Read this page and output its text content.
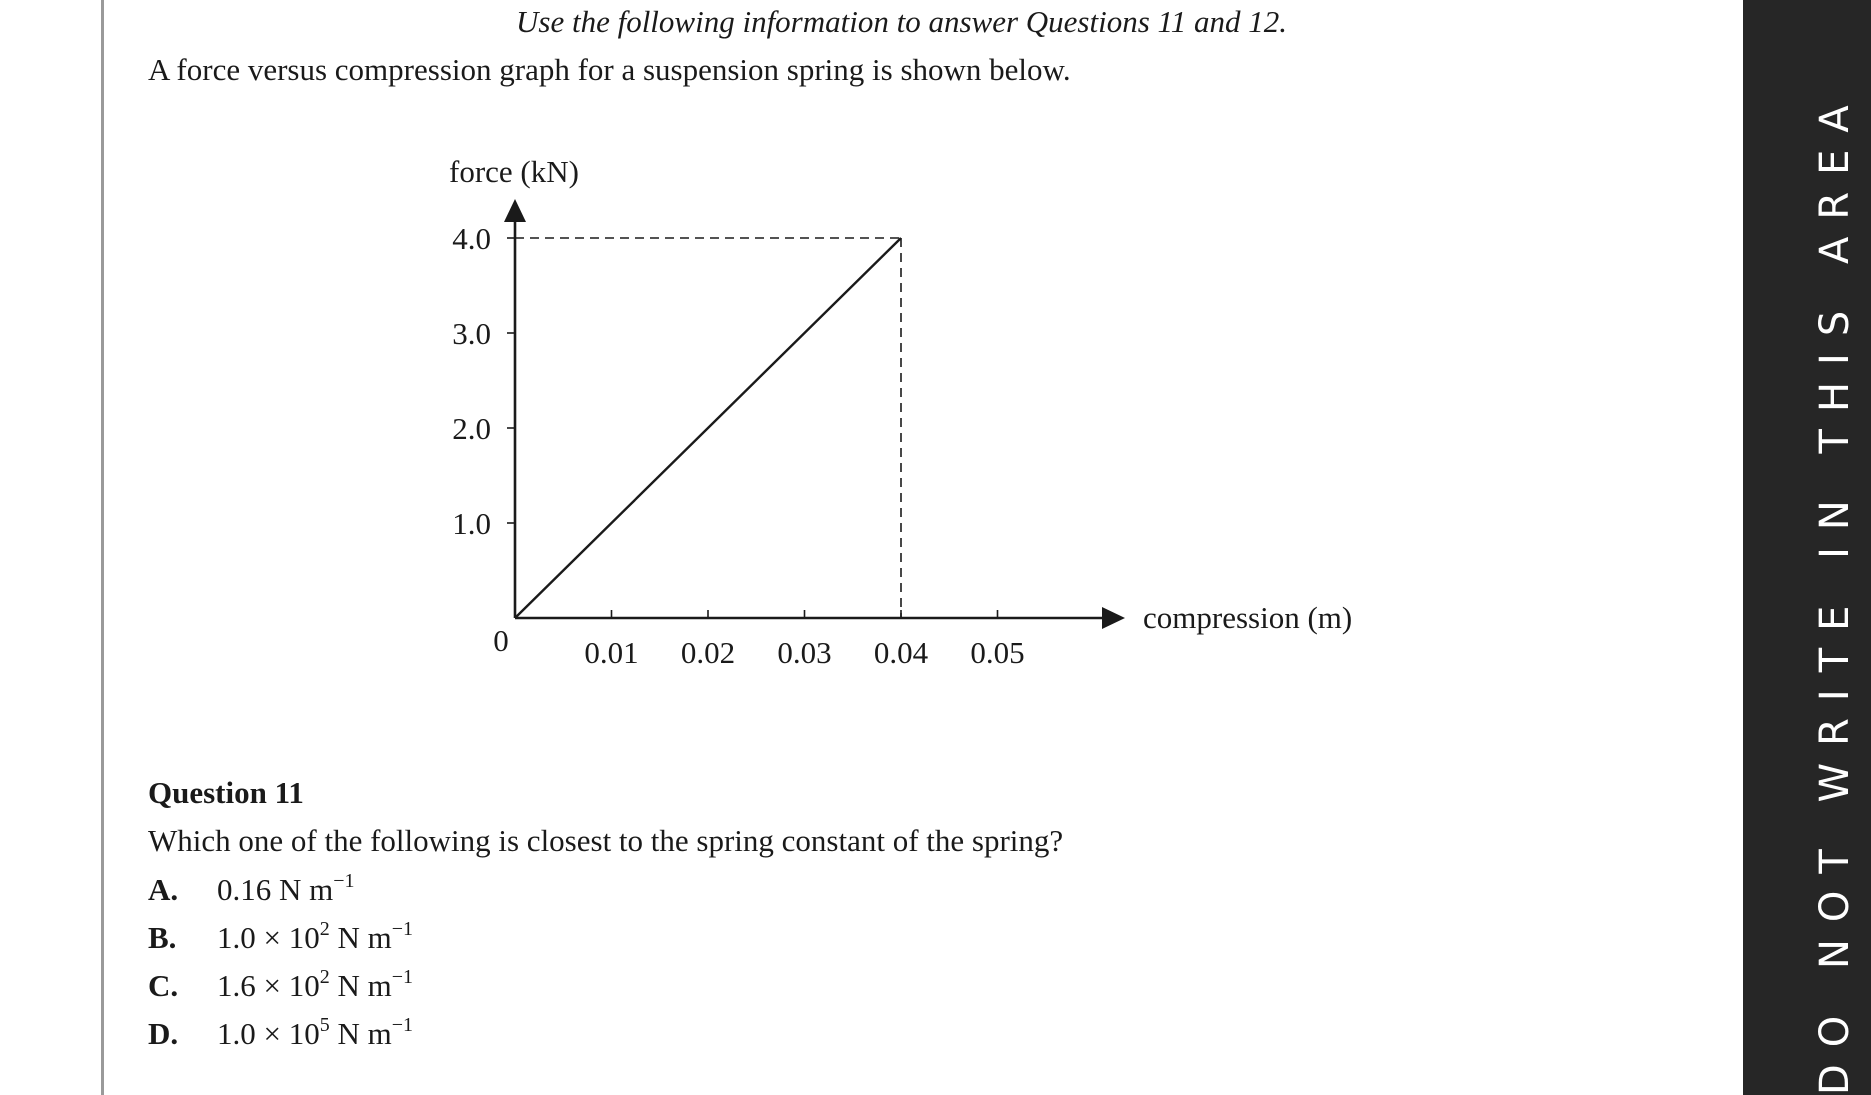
Use the following information to answer Questions 11 and 12.
A force versus compression graph for a suspension spring is shown below.
0.01 0.02 0.03 0.04 0.05
1.0
2.0
3.0
4.0
force (kN)
compression (m)
0
Question 11
Which one of the following is closest to the spring constant of the spring?
A. 0.16 N $m^{-1}$
B. $1.0 \times 10^2$ N $m^{-1}$
C. $1.6 \times 10^2$ N $m^{-1}$
D. $1.0 \times 10^5$ N $m^{-1}$	DO NOT WRITE IN THIS AREA
